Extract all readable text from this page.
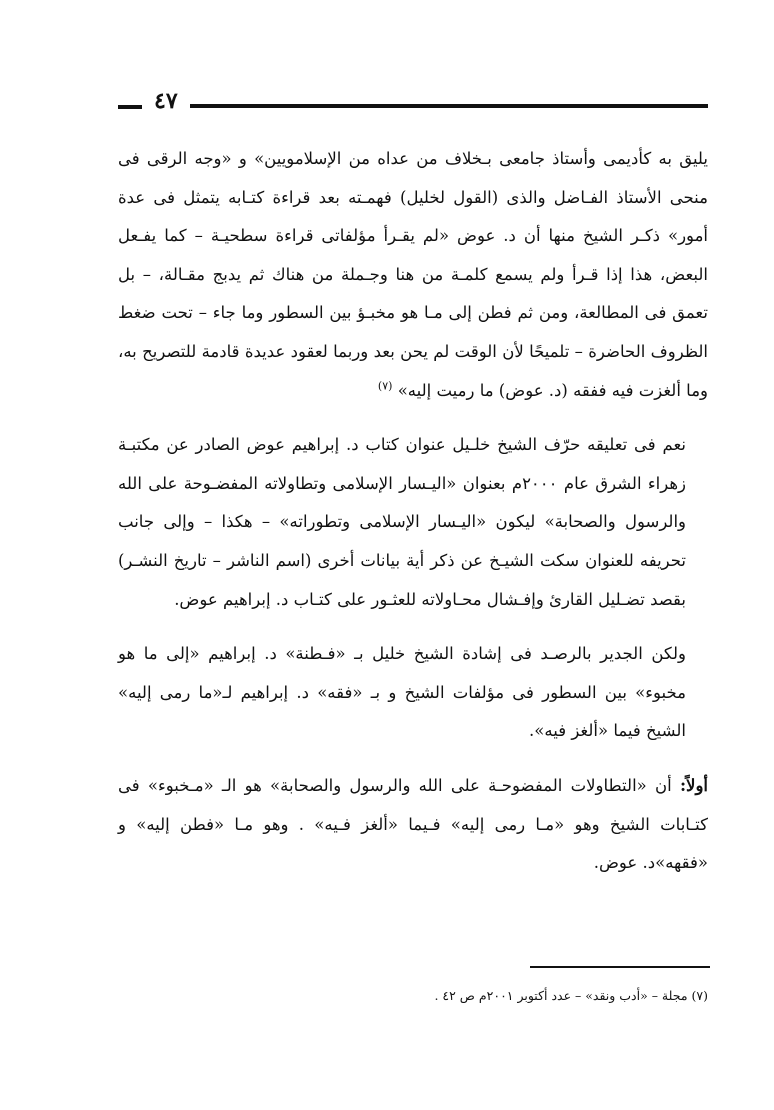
٤٧

يليق به كأديمى وأستاذ جامعى بـخلاف من عداه من الإسلامويين» و «وجه الرقى فى منحى الأستاذ الفـاضل والذى (القول لخليل) فهمـته بعد قراءة كتـابه يتمثل فى عدة أمور» ذكـر الشيخ منها أن د. عوض «لم يقـرأ مؤلفاتى قراءة سطحيـة – كما يفـعل البعض، هذا إذا قـرأ ولم يسمع كلمـة من هنا وجـملة من هناك ثم يدبج مقـالة، – بل تعمق فى المطالعة، ومن ثم فطن إلى مـا هو مخبـؤ بين السطور وما جاء – تحت ضغط الظروف الحاضرة – تلميحًا لأن الوقت لم يحن بعد وربما لعقود عديدة قادمة للتصريح به، وما ألغزت فيه ففقه (د. عوض) ما رميت إليه» $^{(٧)}$

نعم فى تعليقه حرّف الشيخ خلـيل عنوان كتاب د. إبراهيم عوض الصادر عن مكتبـة زهراء الشرق عام ٢٠٠٠م بعنوان «اليـسار الإسلامى وتطاولاته المفضـوحة على الله والرسول والصحابة» ليكون «اليـسار الإسلامى وتطوراته» – هكذا – وإلى جانب تحريفه للعنوان سكت الشيـخ عن ذكر أية بيانات أخرى (اسم الناشر – تاريخ النشـر) بقصد تضـليل القارئ وإفـشال محـاولاته للعثـور على كتـاب د. إبراهيم عوض.

ولكن الجدير بالرصـد فى إشادة الشيخ خليل بـ «فـطنة» د. إبراهيم «إلى ما هو مخبوء» بين السطور فى مؤلفات الشيخ و بـ «فقه» د. إبراهيم لـ«ما رمى إليه» الشيخ فيما «ألغز فيه».

أولاً: أن «التطاولات المفضوحـة على الله والرسول والصحابة» هو الـ «مـخبوء» فى كتـابات الشيخ وهو «مـا رمى إليه» فـيما «ألغز فـيه» . وهو مـا «فطن إليه» و «فقهه»د. عوض.

(٧) مجلة – «أدب ونقد» – عدد أكتوبر ٢٠٠١م ص ٤٢ .
